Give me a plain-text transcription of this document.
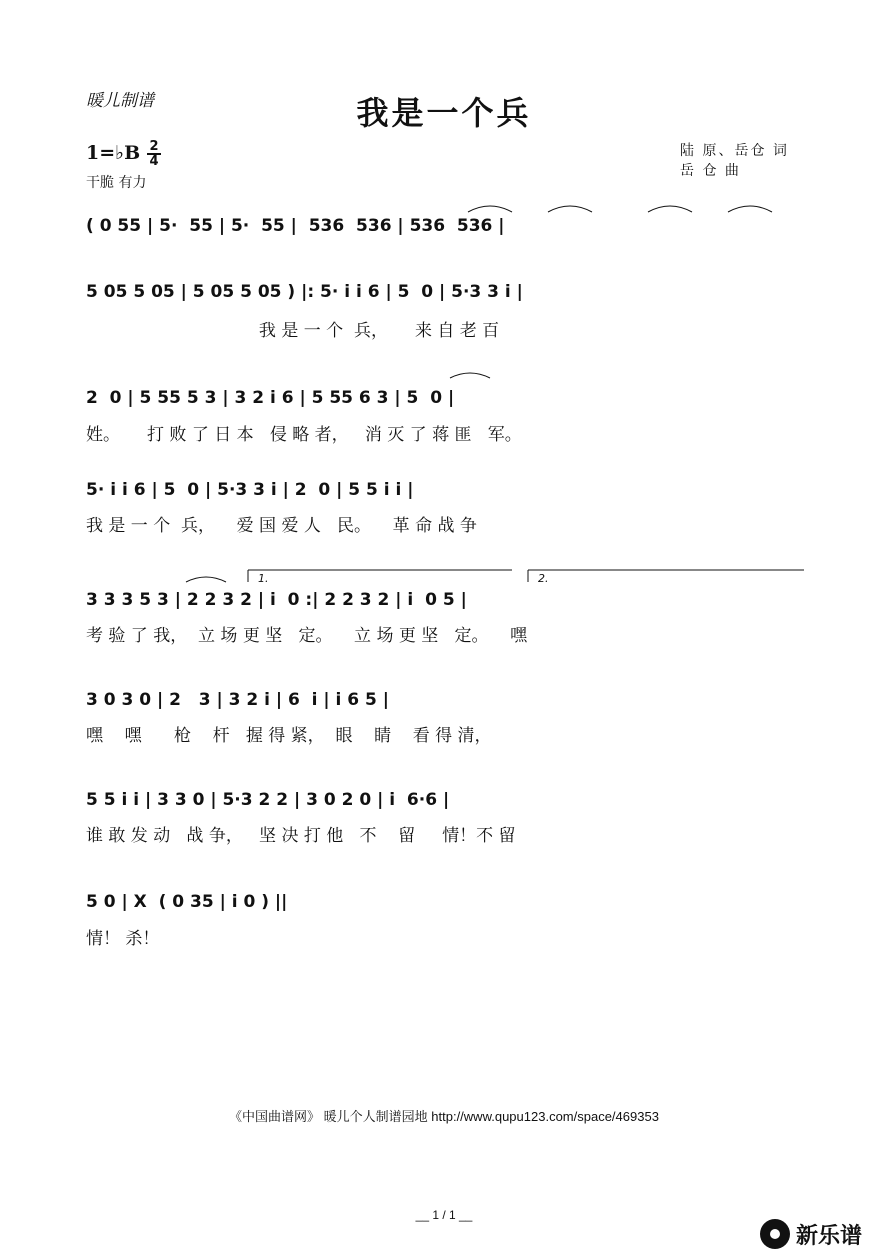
暖儿制谱	我是一个兵
1=♭B 2
4
干脆 有力
陆 原、岳仓 词
岳 仓 曲
1.	2.
( 0 55 | 5·  55 | 5·  55 |  536  536 | 536  536 |
5 05 5 05 | 5 05 5 05 ) |: 5· i i 6 | 5  0 | 5·3 3 i |
我 是 一 个  兵，     来 自 老 百
2  0 | 5 55 5 3 | 3 2 i 6 | 5 55 6 3 | 5  0 |
姓。     打 败 了 日 本   侵 略 者，   消 灭 了 蒋 匪   军。
5· i i 6 | 5  0 | 5·3 3 i | 2  0 | 5 5 i i |
我 是 一 个  兵，    爱 国 爱 人   民。    革 命 战 争
3 3 3 5 3 | 2 2 3 2 | i  0 :| 2 2 3 2 | i  0 5 |
考 验 了 我，  立 场 更 坚   定。    立 场 更 坚   定。    嘿
3 0 3 0 | 2   3 | 3 2 i | 6  i | i 6 5 |
嘿    嘿      枪    杆   握 得 紧，  眼    睛    看 得 清，
5 5 i i | 3 3 0 | 5·3 2 2 | 3 0 2 0 | i  6·6 |
谁 敢 发 动   战 争，   坚 决 打 他   不    留     情！不 留
5 0 | X  ( 0 35 | i 0 ) ||
情！ 杀！
《中国曲谱网》 暖儿个人制谱园地 http://www.qupu123.com/space/469353
__ 1 / 1 __
新乐谱
